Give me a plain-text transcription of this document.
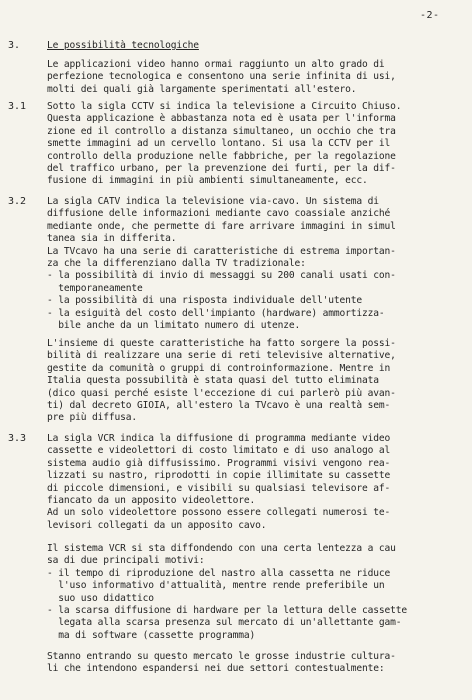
-2-
3.	Le possibilità tecnologiche
Le applicazioni video hanno ormai raggiunto un alto grado di
perfezione tecnologica e consentono una serie infinita di usi,
molti dei quali già largamente sperimentati all'estero.
3.1 Sotto la sigla CCTV si indica la televisione a Circuito Chiuso.
Questa applicazione è abbastanza nota ed è usata per l'informa
zione ed il controllo a distanza simultaneo, un occhio che tra
smette immagini ad un cervello lontano. Si usa la CCTV per il
controllo della produzione nelle fabbriche, per la regolazione
del traffico urbano, per la prevenzione dei furti, per la dif-
fusione di immagini in più ambienti simultaneamente, ecc.
3.2 La sigla CATV indica la televisione via-cavo. Un sistema di
diffusione delle informazioni mediante cavo coassiale anziché
mediante onde, che permette di fare arrivare immagini in simul
tanea sia in differita.
La TVcavo ha una serie di caratteristiche di estrema importan-
za che la differenziano dalla TV tradizionale:
- la possibilità di invio di messaggi su 200 canali usati con-
temporaneamente
- la possibilità di una risposta individuale dell'utente
- la esiguità del costo dell'impianto (hardware) ammortizza-
bile anche da un limitato numero di utenze.
L'insieme di queste caratteristiche ha fatto sorgere la possi-
bilità di realizzare una serie di reti televisive alternative,
gestite da comunità o gruppi di controinformazione. Mentre in
Italia questa possubilità è stata quasi del tutto eliminata
(dico quasi perché esiste l'eccezione di cui parlerò più avan-
ti) dal decreto GIOIA, all'estero la TVcavo è una realtà sem-
pre più diffusa.
3.3 La sigla VCR indica la diffusione di programma mediante video
cassette e videolettori di costo limitato e di uso analogo al
sistema audio già diffusissimo. Programmi visivi vengono rea-
lizzati su nastro, riprodotti in copie illimitate su cassette
di piccole dimensioni, e visibili su qualsiasi televisore af-
fiancato da un apposito videolettore.
Ad un solo videolettore possono essere collegati numerosi te-
levisori collegati da un apposito cavo.
Il sistema VCR si sta diffondendo con una certa lentezza a cau
sa di due principali motivi:
- il tempo di riproduzione del nastro alla cassetta ne riduce
l'uso informativo d'attualità, mentre rende preferibile un
suo uso didattico
- la scarsa diffusione di hardware per la lettura delle cassette
legata alla scarsa presenza sul mercato di un'allettante gam-
ma di software (cassette programma)
Stanno entrando su questo mercato le grosse industrie cultura-
li che intendono espandersi nei due settori contestualmente:
